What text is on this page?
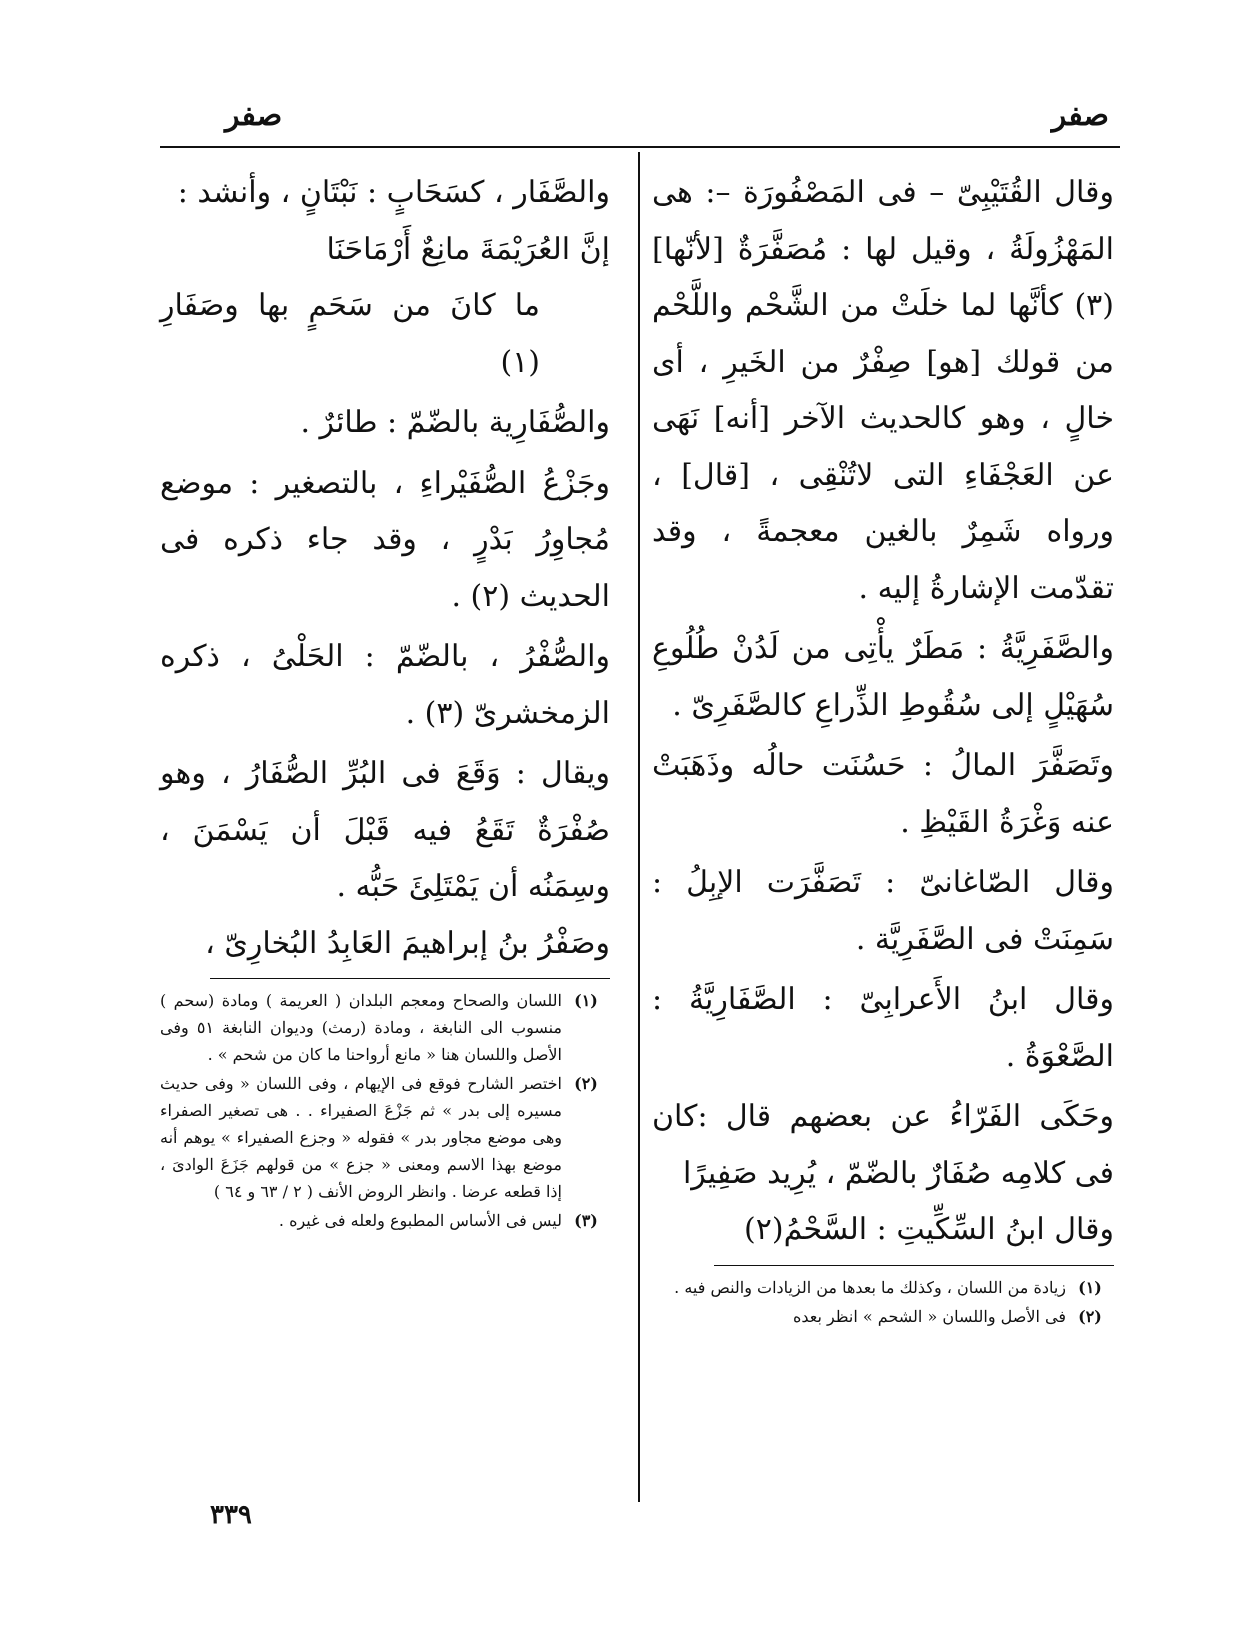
صفر
صفر

وقال القُتَيْبِىّ – فى المَصْفُورَة –: هى المَهْزُولَةُ ، وقيل لها : مُصَفَّرَةٌ [لأنّها] (٣) كأنَّها لما خلَتْ من الشَّحْم واللَّحْم من قولك [هو] صِفْرٌ من الخَيرِ ، أى خالٍ ، وهو كالحديث الآخر [أنه] نَهَى عن العَجْفَاءِ التى لاتُنْقِى ، [قال] ، ورواه شَمِرٌ بالغين معجمةً ، وقد تقدّمت الإشارةُ إليه .

والصَّفَرِيَّةُ : مَطَرٌ يأْتِى من لَدُنْ طُلُوعِ سُهَيْلٍ إلى سُقُوطِ الذِّراعِ كالصَّفَرِىّ .

وتَصَفَّرَ المالُ : حَسُنَت حالُه وذَهَبَتْ عنه وَغْرَةُ القَيْظِ .

وقال الصّاغانىّ : تَصَفَّرَت الإبِلُ : سَمِنَتْ فى الصَّفَرِيَّة .

وقال ابنُ الأَعرابِىّ : الصَّفَارِيَّةُ : الصَّعْوَةُ .

وحَكَى الفَرّاءُ عن بعضهم قال :كان فى كلامِه صُفَارٌ بالضّمّ ، يُرِيد صَفِيرًا

وقال ابنُ السِّكِّيتِ : السَّحْمُ(٢)

(١)
زيادة من اللسان ، وكذلك ما بعدها من الزيادات والنص فيه .
(٢)
فى الأصل واللسان « الشحم » انظر بعده

والصَّفَار ، كسَحَابٍ : نَبْتَانٍ ، وأنشد :

إنَّ العُرَيْمَةَ مانِعٌ أَرْمَاحَنَا

ما كانَ من سَحَمٍ بها وصَفَارِ (١)

والصُّفَارِية بالضّمّ : طائرٌ .

وجَزْعُ الصُّفَيْراءِ ، بالتصغير : موضع مُجاوِرُ بَدْرٍ ، وقد جاء ذكره فى الحديث (٢) .

والصُّفْرُ ، بالضّمّ : الحَلْىُ ، ذكره الزمخشرىّ (٣) .

ويقال : وَقَعَ فى البُرِّ الصُّفَارُ ، وهو صُفْرَةٌ تَقَعُ فيه قَبْلَ أن يَسْمَنَ ، وسِمَنُه أن يَمْتَلِئَ حَبُّه .

وصَفْرُ بنُ إبراهيمَ العَابِدُ البُخارِىّ ،

(١)
اللسان والصحاح ومعجم البلدان ( العريمة ) ومادة (سحم ) منسوب الى النابغة ، ومادة (رمث) وديوان النابغة ٥١ وفى الأصل واللسان هنا « مانع أرواحنا ما كان من شحم » .
(٢)
اختصر الشارح فوقع فى الإيهام ، وفى اللسان « وفى حديث مسيره إلى بدر » ثم جَزْعَ الصفيراء . . هى تصغير الصفراء وهى موضع مجاور بدر » فقوله « وجزع الصفيراء » يوهم أنه موضع بهذا الاسم ومعنى « جزع » من قولهم جَزَعَ الوادىَ ، إذا قطعه عرضا . وانظر الروض الأنف ( ٢ / ٦٣ و ٦٤ )
(٣)
ليس فى الأساس المطبوع ولعله فى غيره .
٣٣٩
